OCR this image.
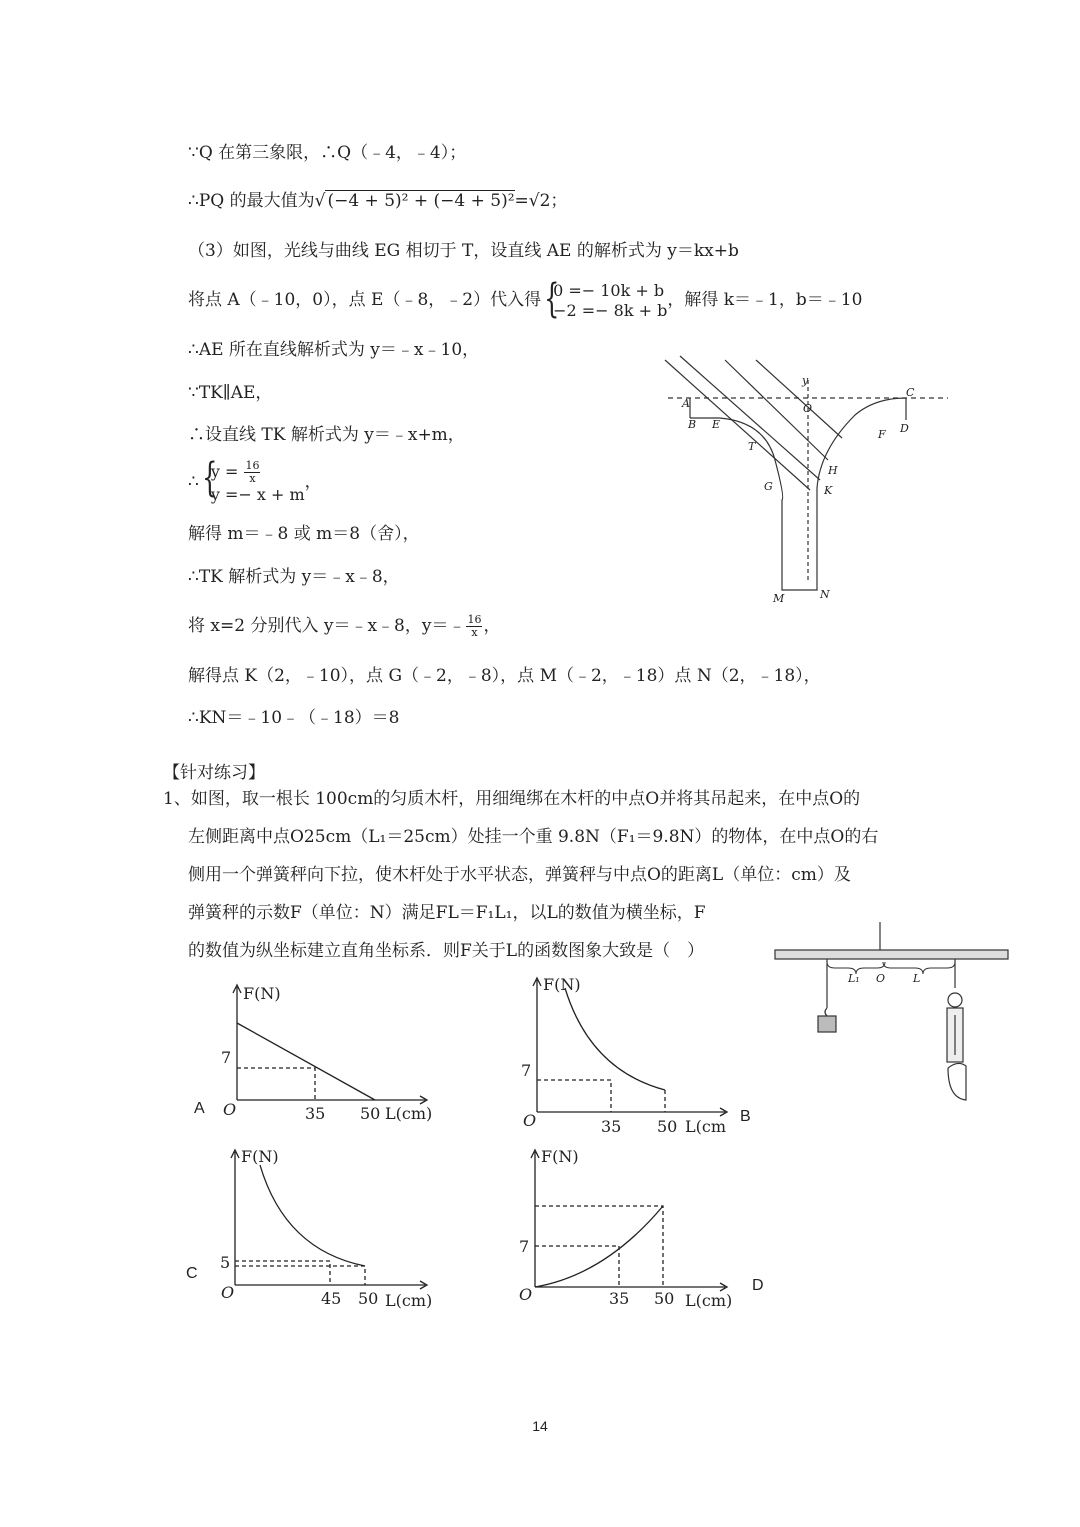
∵Q 在第三象限，∴Q（﹣4，﹣4）；
∴PQ 的最大值为√ (−4 + 5)² + (−4 + 5)²=√2；
（3）如图，光线与曲线 EG 相切于 T，设直线 AE 的解析式为 y＝kx+b
将点 A（﹣10，0），点 E（﹣8，﹣2）代入得
{ 0 =− 10k + b
−2 =− 8k + b ，解得 k＝﹣1，b＝﹣10
∴AE 所在直线解析式为 y＝﹣x﹣10，
∵TK∥AE，
∴设直线 TK 解析式为 y＝﹣x+m，
∴
{ $y = \frac{16}{x}$
y =− x + m
，
解得 m＝﹣8 或 m＝8（舍），
∴TK 解析式为 y＝﹣x﹣8，
将 x=2 分别代入 y＝﹣x﹣8，y＝﹣ $\frac{16}{x}$ ，
解得点 K（2，﹣10），点 G（﹣2，﹣8），点 M（﹣2，﹣18）点 N（2，﹣18），
∴KN＝﹣10﹣（﹣18）＝8
A
B E
T
G
O
y
C
F D
H
K
M	N
【针对练习】
1、如图，取一根长 100cm的匀质木杆，用细绳绑在木杆的中点O并将其吊起来，在中点O的
左侧距离中点O25cm（L₁＝25cm）处挂一个重 9.8N（F₁＝9.8N）的物体，在中点O的右
侧用一个弹簧秤向下拉，使木杆处于水平状态，弹簧秤与中点O的距离L（单位：cm）及
弹簧秤的示数F（单位：N）满足FL＝F₁L₁，以L的数值为横坐标，F
的数值为纵坐标建立直角坐标系．则F关于L的函数图象大致是（　）
L₁ O	L
A
F(N)
L(cm)
O	35 50
7
B
F(N)
L(cm
O	35 50
7
C
F(N)
L(cm)
O	45 50
5
D
F(N)
L(cm)
O	35 50
7
14
